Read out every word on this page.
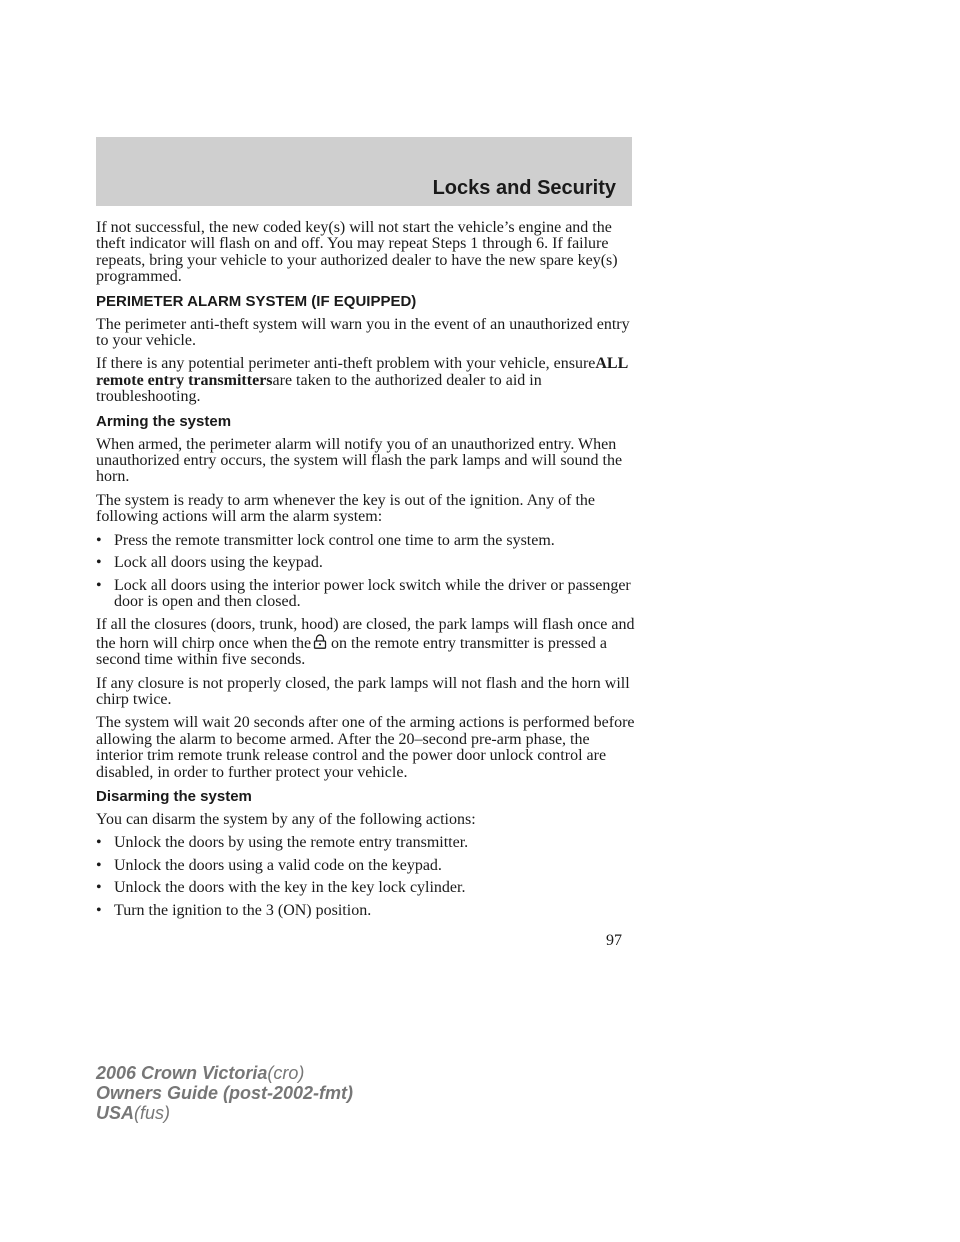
Locks and Security

If not successful, the new coded key(s) will not start the vehicle’s engine and the theft indicator will flash on and off. You may repeat Steps 1 through 6. If failure repeats, bring your vehicle to your authorized dealer to have the new spare key(s) programmed.

PERIMETER ALARM SYSTEM (IF EQUIPPED)

The perimeter anti-theft system will warn you in the event of an unauthorized entry to your vehicle.

If there is any potential perimeter anti-theft problem with your vehicle, ensureALL remote entry transmittersare taken to the authorized dealer to aid in troubleshooting.

Arming the system

When armed, the perimeter alarm will notify you of an unauthorized entry. When unauthorized entry occurs, the system will flash the park lamps and will sound the horn.

The system is ready to arm whenever the key is out of the ignition. Any of the following actions will arm the alarm system:

• Press the remote transmitter lock control one time to arm the system.
• Lock all doors using the keypad.
• Lock all doors using the interior power lock switch while the driver or passenger door is open and then closed.

If all the closures (doors, trunk, hood) are closed, the park lamps will flash once and the horn will chirp once when the on the remote entry transmitter is pressed a second time within five seconds.

If any closure is not properly closed, the park lamps will not flash and the horn will chirp twice.

The system will wait 20 seconds after one of the arming actions is performed before allowing the alarm to become armed. After the 20–second pre-arm phase, the interior trim remote trunk release control and the power door unlock control are disabled, in order to further protect your vehicle.

Disarming the system

You can disarm the system by any of the following actions:

• Unlock the doors by using the remote entry transmitter.
• Unlock the doors using a valid code on the keypad.
• Unlock the doors with the key in the key lock cylinder.
• Turn the ignition to the 3 (ON) position.
97
2006 Crown Victoria(cro)
Owners Guide (post-2002-fmt)
USA(fus)
